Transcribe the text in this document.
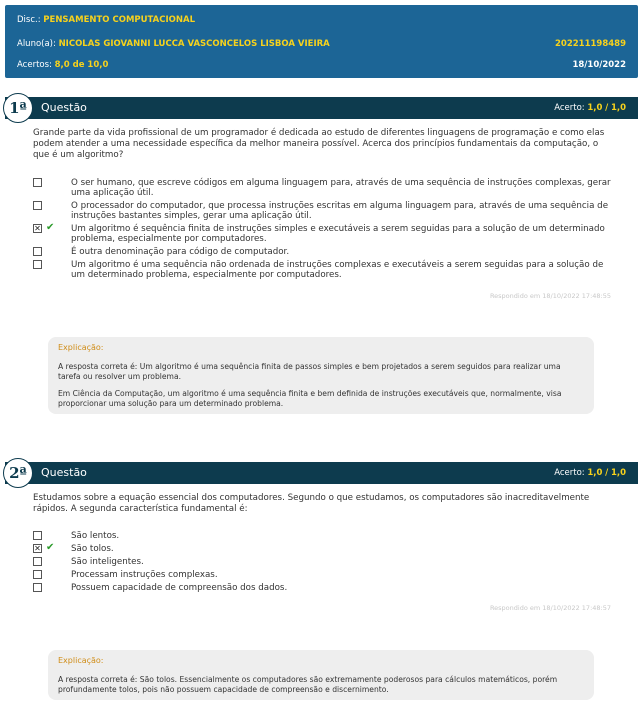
Disc.: PENSAMENTO COMPUTACIONAL
Aluno(a): NICOLAS GIOVANNI LUCCA VASCONCELOS LISBOA VIEIRA	202211198489
Acertos: 8,0 de 10,0	18/10/2022
1ª	Questão	Acerto: 1,0 / 1,0
Grande parte da vida profissional de um programador é dedicada ao estudo de diferentes linguagens de programação e como elas podem atender a uma necessidade específica da melhor maneira possível. Acerca dos princípios fundamentais da computação, o que é um algoritmo?
O ser humano, que escreve códigos em alguma linguagem para, através de uma sequência de instruções complexas, gerar uma aplicação útil.
O processador do computador, que processa instruções escritas em alguma linguagem para, através de uma sequência de instruções bastantes simples, gerar uma aplicação útil.
✕ ✔ Um algoritmo é sequência finita de instruções simples e executáveis a serem seguidas para a solução de um determinado problema, especialmente por computadores.
É outra denominação para código de computador.
Um algoritmo é uma sequência não ordenada de instruções complexas e executáveis a serem seguidas para a solução de um determinado problema, especialmente por computadores.
Respondido em 18/10/2022 17:48:55
Explicação:

A resposta correta é: Um algoritmo é uma sequência finita de passos simples e bem projetados a serem seguidos para realizar uma tarefa ou resolver um problema.

Em Ciência da Computação, um algoritmo é uma sequência finita e bem definida de instruções executáveis que, normalmente, visa proporcionar uma solução para um determinado problema.

2ª	Questão	Acerto: 1,0 / 1,0
Estudamos sobre a equação essencial dos computadores. Segundo o que estudamos, os computadores são inacreditavelmente rápidos. A segunda característica fundamental é:
São lentos.
✕ ✔ São tolos.
São inteligentes.
Processam instruções complexas.
Possuem capacidade de compreensão dos dados.
Respondido em 18/10/2022 17:48:57
Explicação:

A resposta correta é: São tolos. Essencialmente os computadores são extremamente poderosos para cálculos matemáticos, porém profundamente tolos, pois não possuem capacidade de compreensão e discernimento.
